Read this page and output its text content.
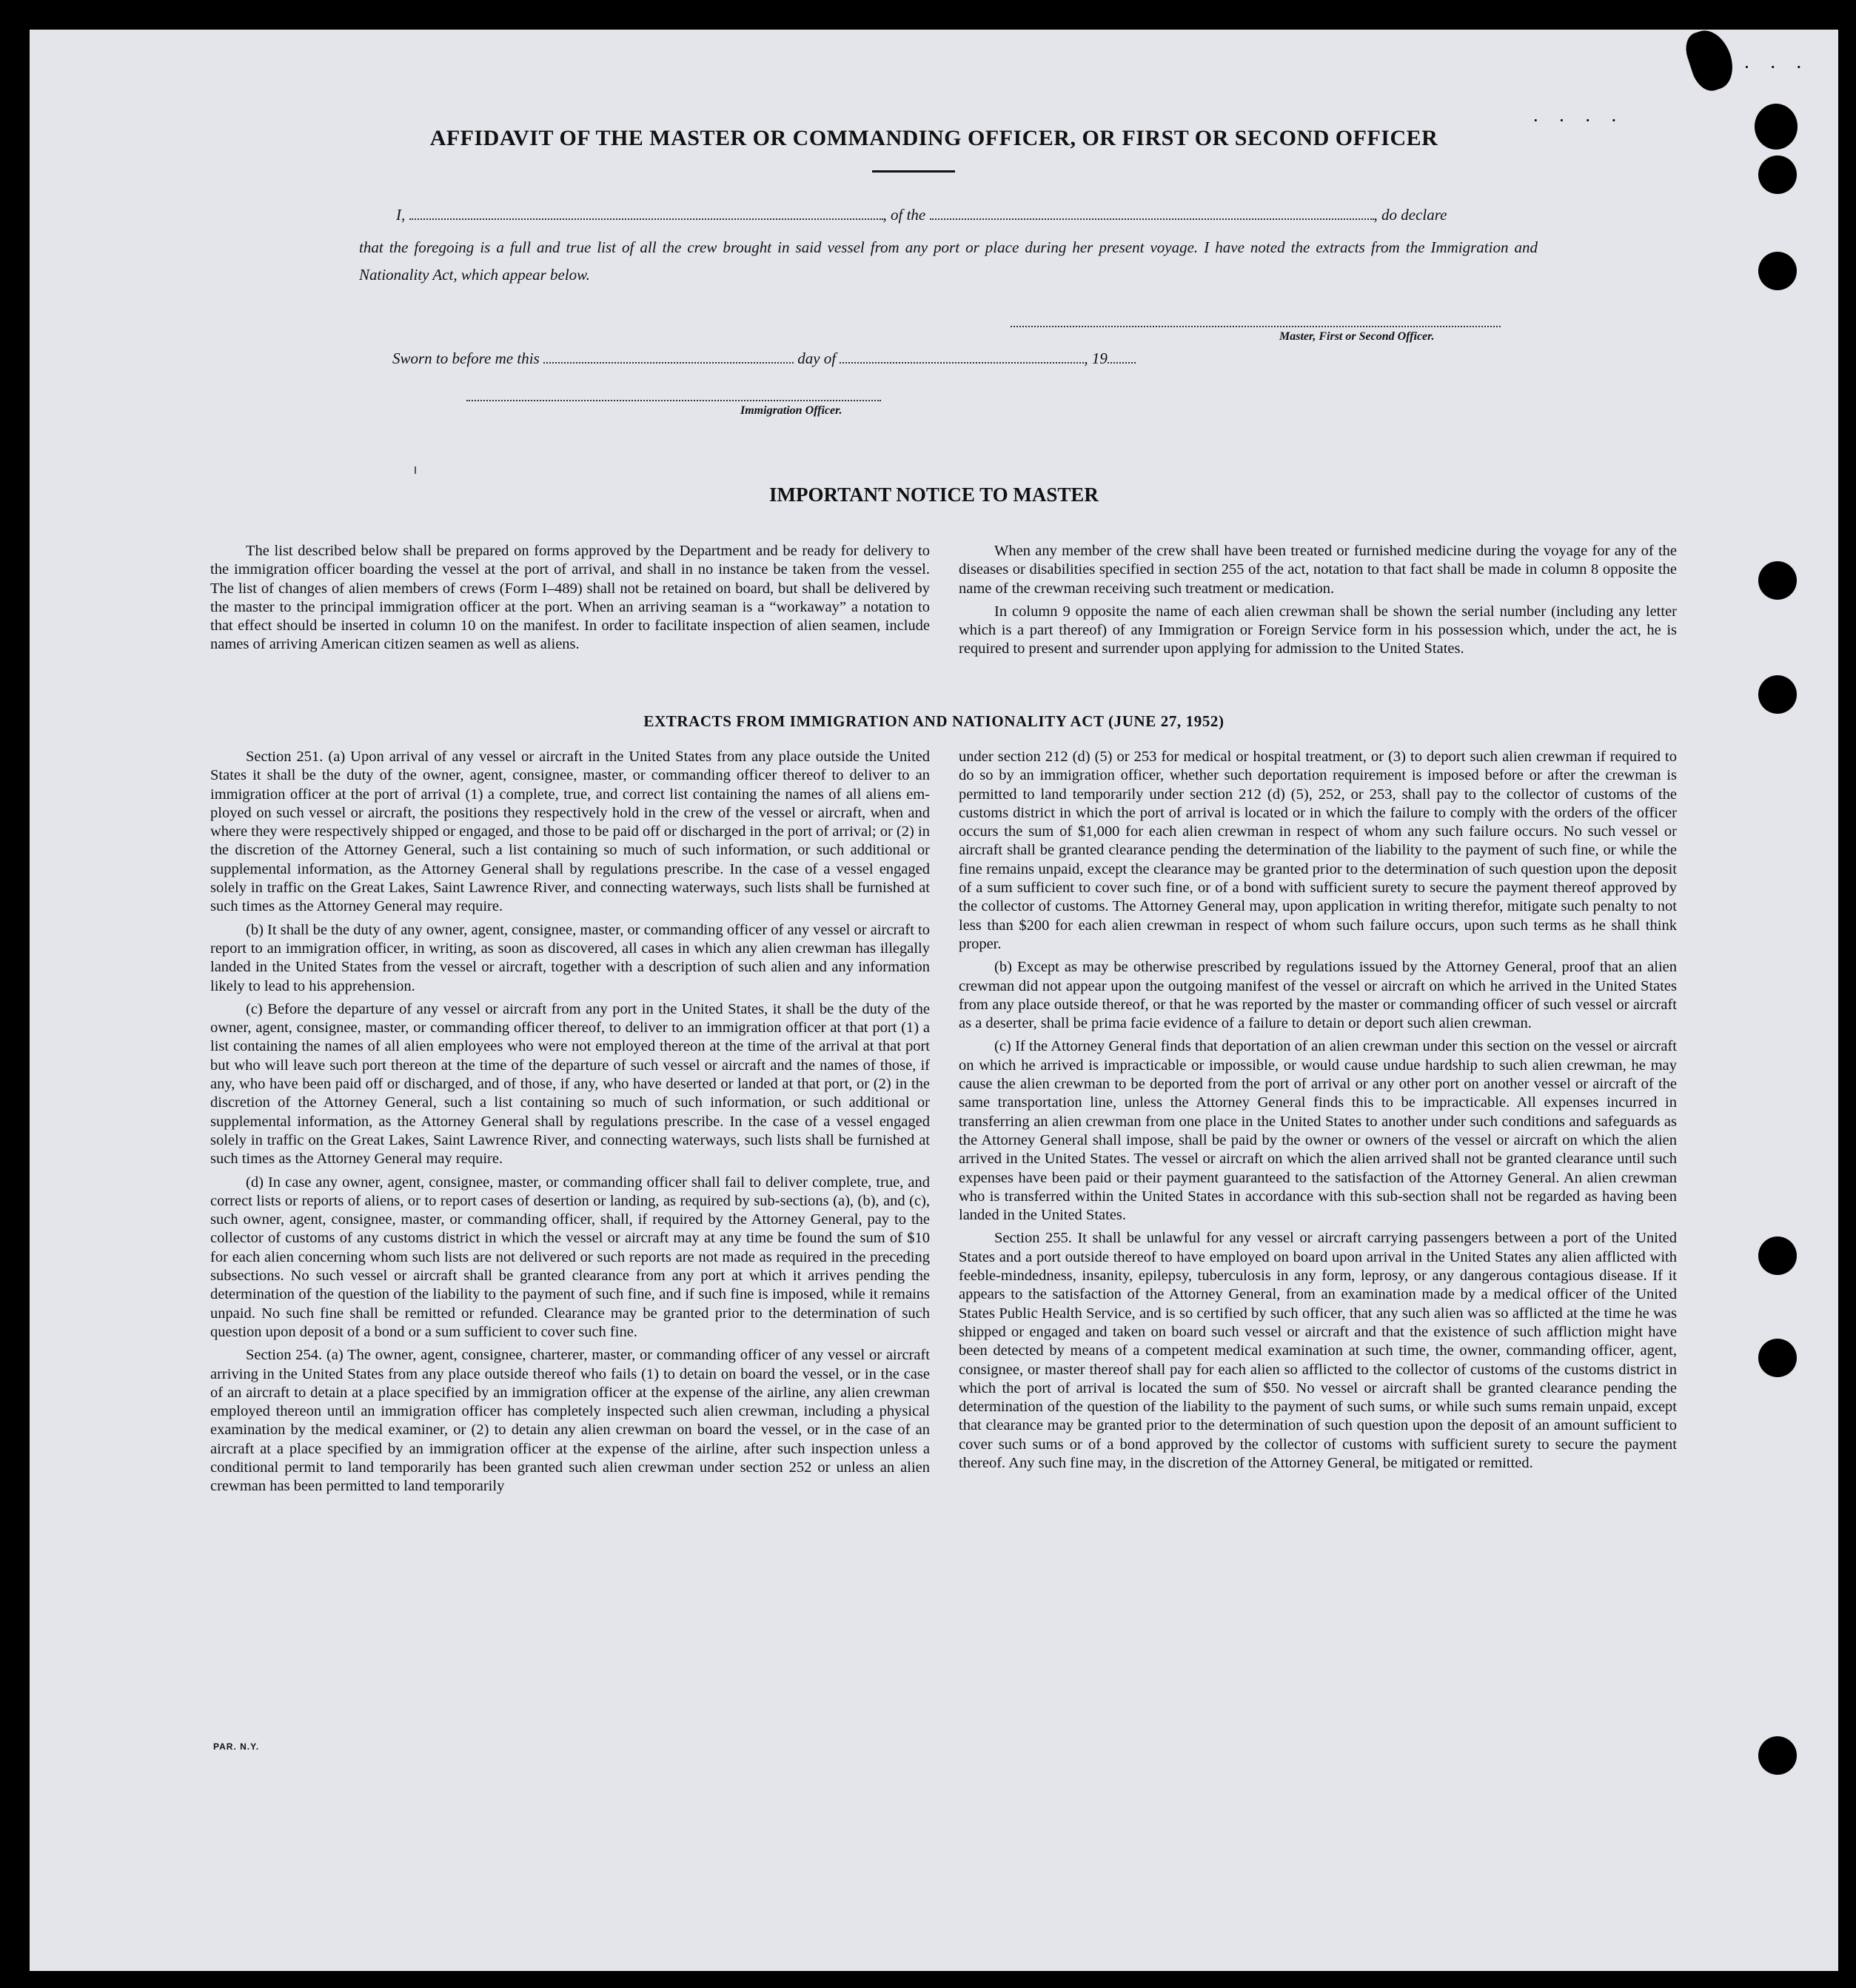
· · · ·
· · · ·
AFFIDAVIT OF THE MASTER OR COMMANDING OFFICER, OR FIRST OR SECOND OFFICER
I,	, of the	, do declare
that the foregoing is a full and true list of all the crew brought in said vessel from any port or place during her present voyage. I have noted the extracts from the Immigration and Nationality Act, which appear below.
Master, First or Second Officer.
Sworn to before me this	day of	, 19
Immigration Officer.
IMPORTANT NOTICE TO MASTER

The list described below shall be prepared on forms approved by the Department and be ready for delivery to the immigration officer boarding the vessel at the port of arrival, and shall in no instance be taken from the vessel. The list of changes of alien members of crews (Form I–489) shall not be retained on board, but shall be delivered by the master to the principal immigration officer at the port. When an arriving seaman is a “workaway” a notation to that effect should be inserted in column 10 on the manifest. In order to facilitate inspection of alien seamen, include names of arriving American citizen seamen as well as aliens.

When any member of the crew shall have been treated or furnished medicine during the voyage for any of the diseases or disabilities specified in section 255 of the act, notation to that fact shall be made in column 8 opposite the name of the crewman receiving such treatment or medication.

In column 9 opposite the name of each alien crewman shall be shown the serial number (including any letter which is a part thereof) of any Immigration or Foreign Service form in his possession which, under the act, he is required to present and surrender upon applying for admission to the United States.

EXTRACTS FROM IMMIGRATION AND NATIONALITY ACT (JUNE 27, 1952)

Section 251. (a) Upon arrival of any vessel or aircraft in the United States from any place outside the United States it shall be the duty of the owner, agent, consignee, master, or commanding officer thereof to deliver to an immigration officer at the port of arrival (1) a complete, true, and correct list containing the names of all aliens employed on such vessel or aircraft, the positions they respectively hold in the crew of the vessel or aircraft, when and where they were respectively shipped or engaged, and those to be paid off or discharged in the port of arrival; or (2) in the discretion of the Attorney General, such a list containing so much of such information, or such additional or supplemental information, as the Attorney General shall by regulations prescribe. In the case of a vessel engaged solely in traffic on the Great Lakes, Saint Lawrence River, and connecting waterways, such lists shall be furnished at such times as the Attorney General may require.

(b) It shall be the duty of any owner, agent, consignee, master, or commanding officer of any vessel or aircraft to report to an immigration officer, in writing, as soon as discovered, all cases in which any alien crewman has illegally landed in the United States from the vessel or aircraft, together with a description of such alien and any information likely to lead to his apprehension.

(c) Before the departure of any vessel or aircraft from any port in the United States, it shall be the duty of the owner, agent, consignee, master, or commanding officer thereof, to deliver to an immigration officer at that port (1) a list containing the names of all alien employees who were not employed thereon at the time of the arrival at that port but who will leave such port thereon at the time of the departure of such vessel or aircraft and the names of those, if any, who have been paid off or discharged, and of those, if any, who have deserted or landed at that port, or (2) in the discretion of the Attorney General, such a list containing so much of such information, or such additional or supplemental information, as the Attorney General shall by regulations prescribe. In the case of a vessel engaged solely in traffic on the Great Lakes, Saint Lawrence River, and connecting waterways, such lists shall be furnished at such times as the Attorney General may require.

(d) In case any owner, agent, consignee, master, or commanding officer shall fail to deliver complete, true, and correct lists or reports of aliens, or to report cases of desertion or landing, as required by sub-sections (a), (b), and (c), such owner, agent, consignee, master, or commanding officer, shall, if required by the Attorney General, pay to the collector of customs of any customs district in which the vessel or aircraft may at any time be found the sum of $10 for each alien concerning whom such lists are not delivered or such reports are not made as required in the preceding subsections. No such vessel or aircraft shall be granted clearance from any port at which it arrives pending the determination of the question of the liability to the payment of such fine, and if such fine is imposed, while it remains unpaid. No such fine shall be remitted or refunded. Clearance may be granted prior to the determination of such question upon deposit of a bond or a sum sufficient to cover such fine.

Section 254. (a) The owner, agent, consignee, charterer, master, or commanding officer of any vessel or aircraft arriving in the United States from any place outside thereof who fails (1) to detain on board the vessel, or in the case of an aircraft to detain at a place specified by an immigration officer at the expense of the airline, any alien crewman employed thereon until an immigration officer has completely inspected such alien crewman, including a physical examination by the medical examiner, or (2) to detain any alien crewman on board the vessel, or in the case of an aircraft at a place specified by an immigration officer at the expense of the airline, after such inspection unless a conditional permit to land temporarily has been granted such alien crewman under section 252 or unless an alien crewman has been permitted to land temporarily

under section 212 (d) (5) or 253 for medical or hospital treatment, or (3) to deport such alien crewman if required to do so by an immigration officer, whether such deportation requirement is imposed before or after the crewman is permitted to land temporarily under section 212 (d) (5), 252, or 253, shall pay to the collector of customs of the customs district in which the port of arrival is located or in which the failure to comply with the orders of the officer occurs the sum of $1,000 for each alien crewman in respect of whom any such failure occurs. No such vessel or aircraft shall be granted clearance pending the determination of the liability to the payment of such fine, or while the fine remains unpaid, except the clearance may be granted prior to the determination of such question upon the deposit of a sum sufficient to cover such fine, or of a bond with sufficient surety to secure the payment thereof approved by the collector of customs. The Attorney General may, upon application in writing therefor, mitigate such penalty to not less than $200 for each alien crewman in respect of whom such failure occurs, upon such terms as he shall think proper.

(b) Except as may be otherwise prescribed by regulations issued by the Attorney General, proof that an alien crewman did not appear upon the outgoing manifest of the vessel or aircraft on which he arrived in the United States from any place outside thereof, or that he was reported by the master or commanding officer of such vessel or aircraft as a deserter, shall be prima facie evidence of a failure to detain or deport such alien crewman.

(c) If the Attorney General finds that deportation of an alien crewman under this section on the vessel or aircraft on which he arrived is impracticable or impossible, or would cause undue hardship to such alien crewman, he may cause the alien crewman to be deported from the port of arrival or any other port on another vessel or aircraft of the same transportation line, unless the Attorney General finds this to be impracticable. All expenses incurred in transferring an alien crewman from one place in the United States to another under such conditions and safeguards as the Attorney General shall impose, shall be paid by the owner or owners of the vessel or aircraft on which the alien arrived in the United States. The vessel or aircraft on which the alien arrived shall not be granted clearance until such expenses have been paid or their payment guaranteed to the satisfaction of the Attorney General. An alien crewman who is transferred within the United States in accordance with this sub-section shall not be regarded as having been landed in the United States.

Section 255. It shall be unlawful for any vessel or aircraft carrying passengers between a port of the United States and a port outside thereof to have employed on board upon arrival in the United States any alien afflicted with feeble-mindedness, insanity, epilepsy, tuberculosis in any form, leprosy, or any dangerous contagious disease. If it appears to the satisfaction of the Attorney General, from an examination made by a medical officer of the United States Public Health Service, and is so certified by such officer, that any such alien was so afflicted at the time he was shipped or engaged and taken on board such vessel or aircraft and that the existence of such affliction might have been detected by means of a competent medical examination at such time, the owner, commanding officer, agent, consignee, or master thereof shall pay for each alien so afflicted to the collector of customs of the customs district in which the port of arrival is located the sum of $50. No vessel or aircraft shall be granted clearance pending the determination of the question of the liability to the payment of such sums, or while such sums remain unpaid, except that clearance may be granted prior to the determination of such question upon the deposit of an amount sufficient to cover such sums or of a bond approved by the collector of customs with sufficient surety to secure the payment thereof. Any such fine may, in the discretion of the Attorney General, be mitigated or remitted.

PAR. N.Y.
